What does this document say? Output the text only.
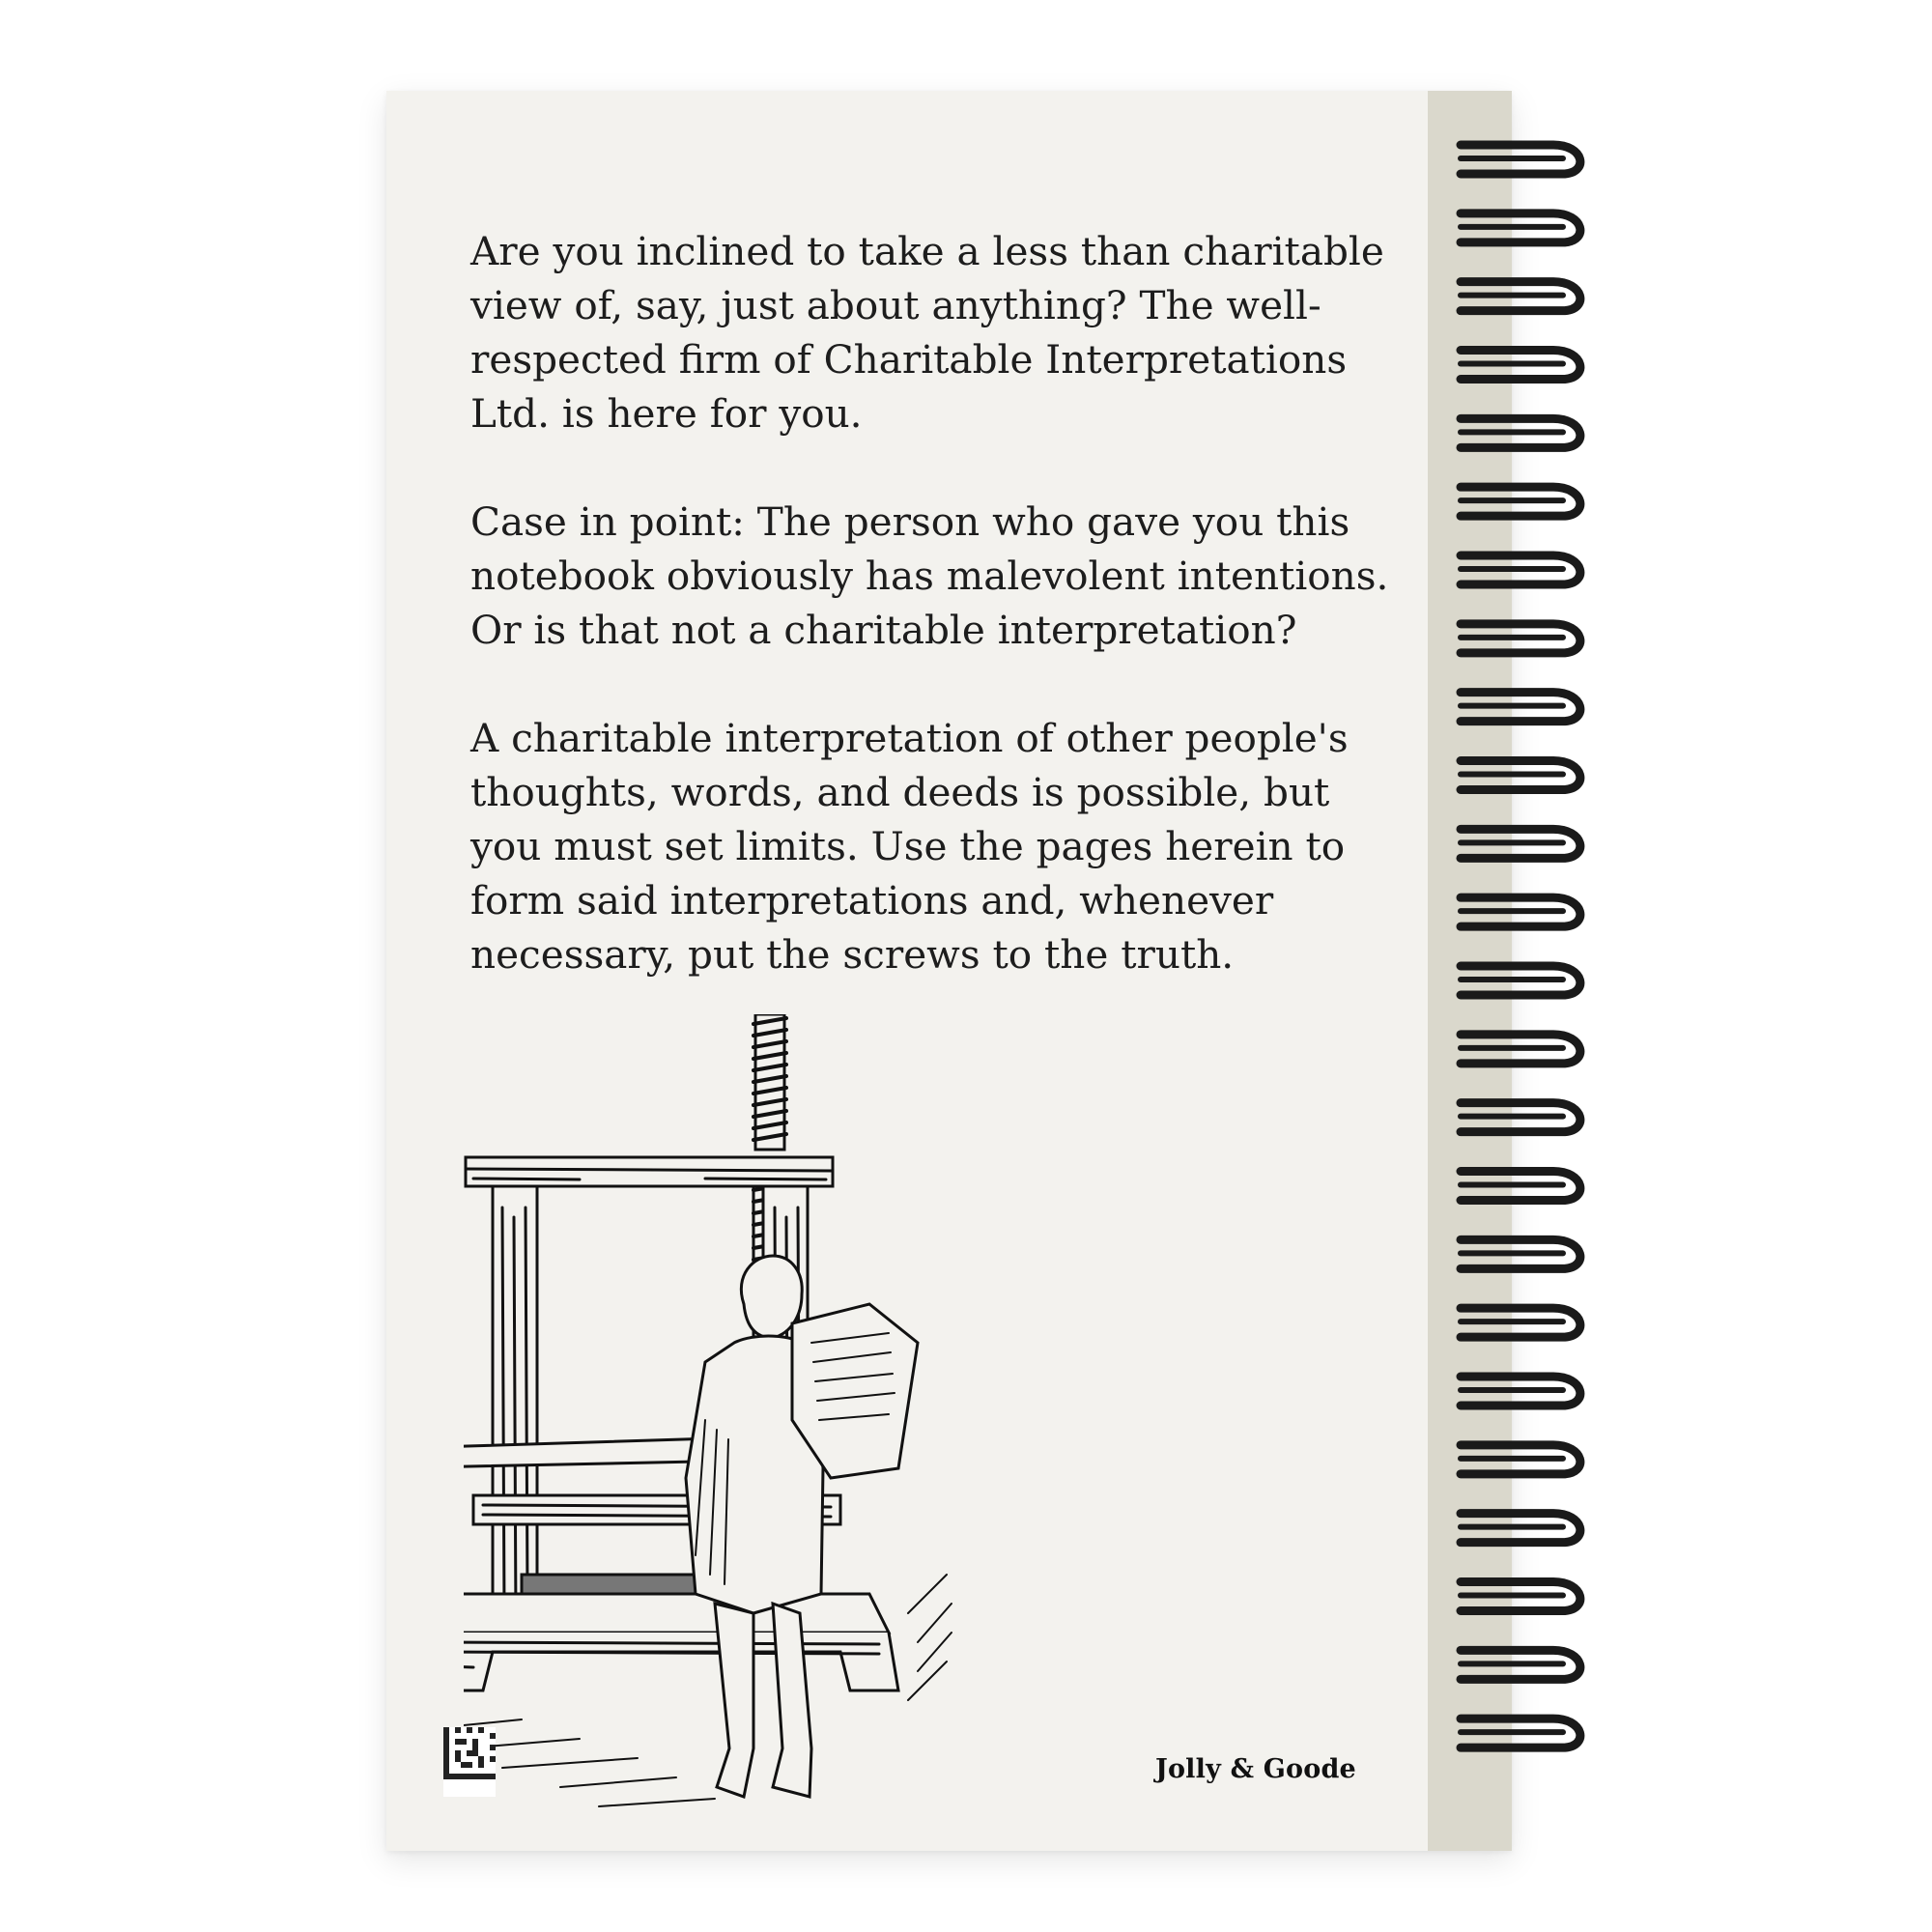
Are you inclined to take a less than charitable view of, say, just about anything? The well-respected firm of Charitable Interpretations Ltd. is here for you.

Case in point: The person who gave you this notebook obviously has malevolent intentions. Or is that not a charitable interpretation?

A charitable interpretation of other people's thoughts, words, and deeds is possible, but you must set limits. Use the pages herein to form said interpretations and, whenever necessary, put the screws to the truth.

Jolly & Goode
